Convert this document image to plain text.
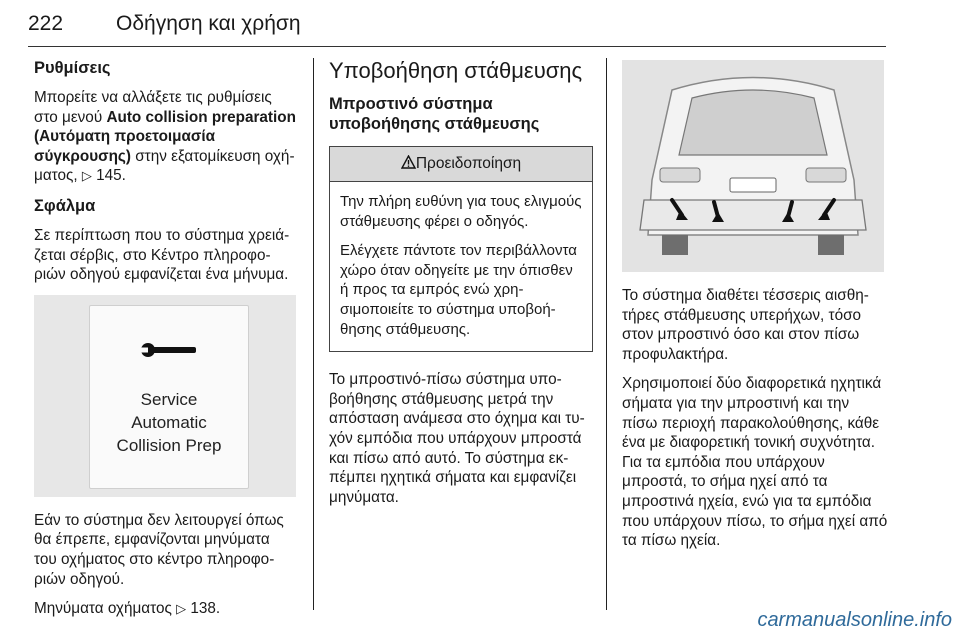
222	Οδήγηση και χρήση
Ρυθμίσεις

Μπορείτε να αλλάξετε τις ρυθμίσεις στο μενού Auto collision preparation (Αυτόματη προετοιμασία σύγκρουσης) στην εξατομίκευση οχήματος, ▷ 145.

Σφάλμα

Σε περίπτωση που το σύστημα χρειάζεται σέρβις, στο Κέντρο πληροφοριών οδηγού εμφανίζεται ένα μήνυμα.

Service
Automatic
Collision Prep

Εάν το σύστημα δεν λειτουργεί όπως θα έπρεπε, εμφανίζονται μηνύματα του οχήματος στο κέντρο πληροφοριών οδηγού.

Μηνύματα οχήματος ▷ 138.

Υποβοήθηση στάθμευσης
Μπροστινό σύστημα υποβοήθησης στάθμευσης
Προειδοποίηση

Την πλήρη ευθύνη για τους ελιγμούς στάθμευσης φέρει ο οδηγός.

Ελέγχετε πάντοτε τον περιβάλλοντα χώρο όταν οδηγείτε με την όπισθεν ή προς τα εμπρός ενώ χρησιμοποιείτε το σύστημα υποβοήθησης στάθμευσης.

Το μπροστινό-πίσω σύστημα υποβοήθησης στάθμευσης μετρά την απόσταση ανάμεσα στο όχημα και τυχόν εμπόδια που υπάρχουν μπροστά και πίσω από αυτό. Το σύστημα εκπέμπει ηχητικά σήματα και εμφανίζει μηνύματα.

Το σύστημα διαθέτει τέσσερις αισθητήρες στάθμευσης υπερήχων, τόσο στον μπροστινό όσο και στον πίσω προφυλακτήρα.

Χρησιμοποιεί δύο διαφορετικά ηχητικά σήματα για την μπροστινή και την πίσω περιοχή παρακολούθησης, κάθε ένα με διαφορετική τονική συχνότητα. Για τα εμπόδια που υπάρχουν μπροστά, το σήμα ηχεί από τα μπροστινά ηχεία, ενώ για τα εμπόδια που υπάρχουν πίσω, το σήμα ηχεί από τα πίσω ηχεία.

carmanualsonline.info
